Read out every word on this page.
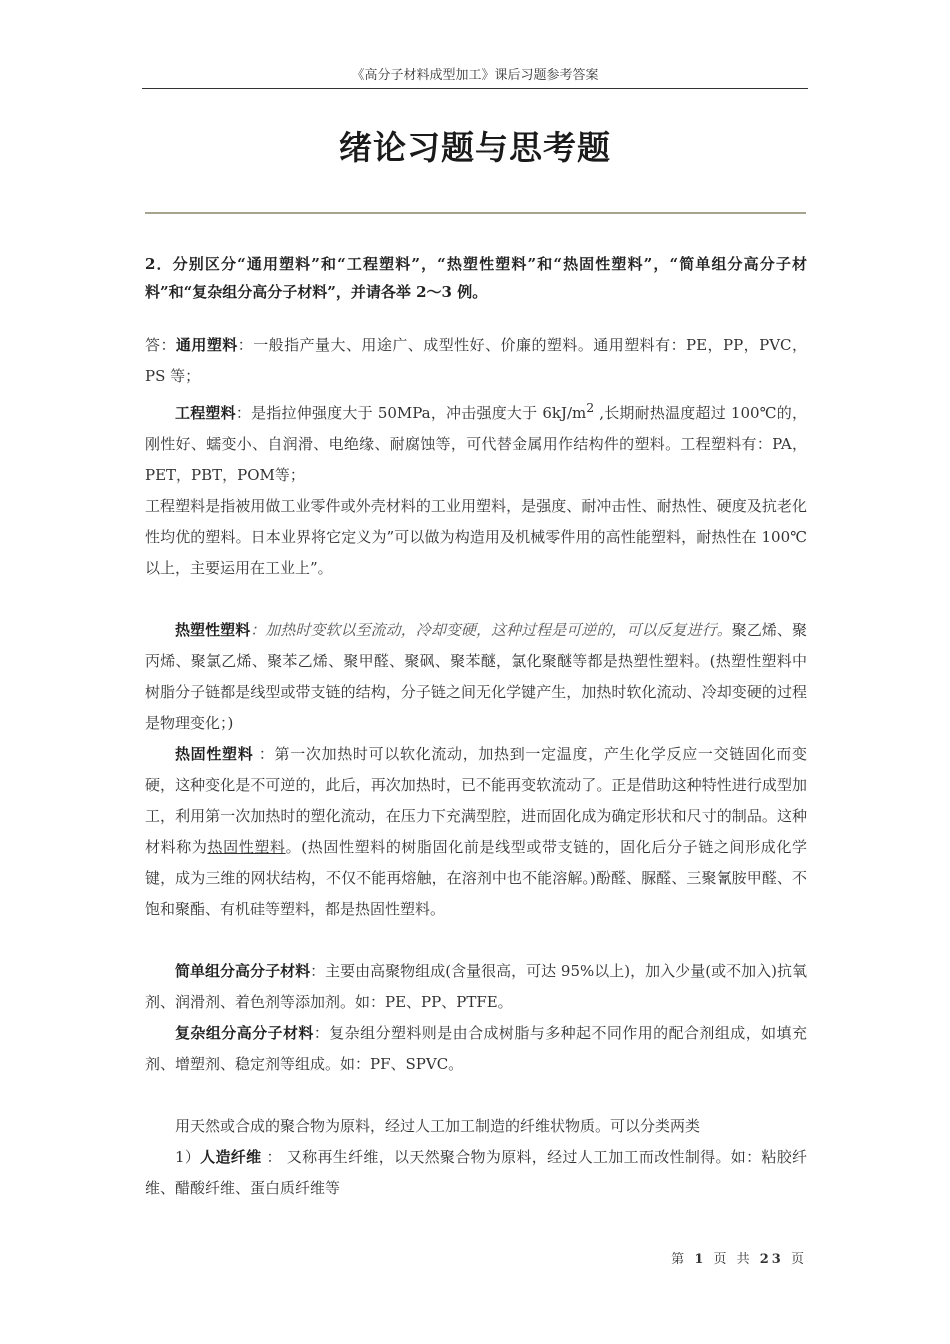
《高分子材料成型加工》课后习题参考答案
绪论习题与思考题

2．分别区分“通用塑料”和“工程塑料”，“热塑性塑料”和“热固性塑料”，“简单组分高分子材料”和“复杂组分高分子材料”，并请各举 2～3 例。

答：通用塑料：一般指产量大、用途广、成型性好、价廉的塑料。通用塑料有：PE，PP，PVC，PS 等；

工程塑料：是指拉伸强度大于 50MPa，冲击强度大于 $6kJ/m^2$ ,长期耐热温度超过 100℃的，刚性好、蠕变小、自润滑、电绝缘、耐腐蚀等，可代替金属用作结构件的塑料。工程塑料有：PA，PET，PBT，POM等；

工程塑料是指被用做工业零件或外壳材料的工业用塑料，是强度、耐冲击性、耐热性、硬度及抗老化性均优的塑料。日本业界将它定义为”可以做为构造用及机械零件用的高性能塑料，耐热性在 100℃ 以上，主要运用在工业上”。

热塑性塑料：加热时变软以至流动，冷却变硬，这种过程是可逆的，可以反复进行。聚乙烯、聚丙烯、聚氯乙烯、聚苯乙烯、聚甲醛、聚砜、聚苯醚，氯化聚醚等都是热塑性塑料。(热塑性塑料中树脂分子链都是线型或带支链的结构，分子链之间无化学键产生，加热时软化流动、冷却变硬的过程是物理变化；)

热固性塑料 ：第一次加热时可以软化流动，加热到一定温度，产生化学反应一交链固化而变硬，这种变化是不可逆的，此后，再次加热时，已不能再变软流动了。正是借助这种特性进行成型加工，利用第一次加热时的塑化流动，在压力下充满型腔，进而固化成为确定形状和尺寸的制品。这种材料称为热固性塑料。(热固性塑料的树脂固化前是线型或带支链的，固化后分子链之间形成化学键，成为三维的网状结构，不仅不能再熔触，在溶剂中也不能溶解。)酚醛、脲醛、三聚氰胺甲醛、不饱和聚酯、有机硅等塑料，都是热固性塑料。

简单组分高分子材料：主要由高聚物组成(含量很高，可达 95%以上)，加入少量(或不加入)抗氧剂、润滑剂、着色剂等添加剂。如：PE、PP、PTFE。

复杂组分高分子材料：复杂组分塑料则是由合成树脂与多种起不同作用的配合剂组成，如填充剂、增塑剂、稳定剂等组成。如：PF、SPVC。

用天然或合成的聚合物为原料，经过人工加工制造的纤维状物质。可以分类两类

1）人造纤维 ： 又称再生纤维，以天然聚合物为原料，经过人工加工而改性制得。如：粘胶纤维、醋酸纤维、蛋白质纤维等

第 1 页 共 23 页
